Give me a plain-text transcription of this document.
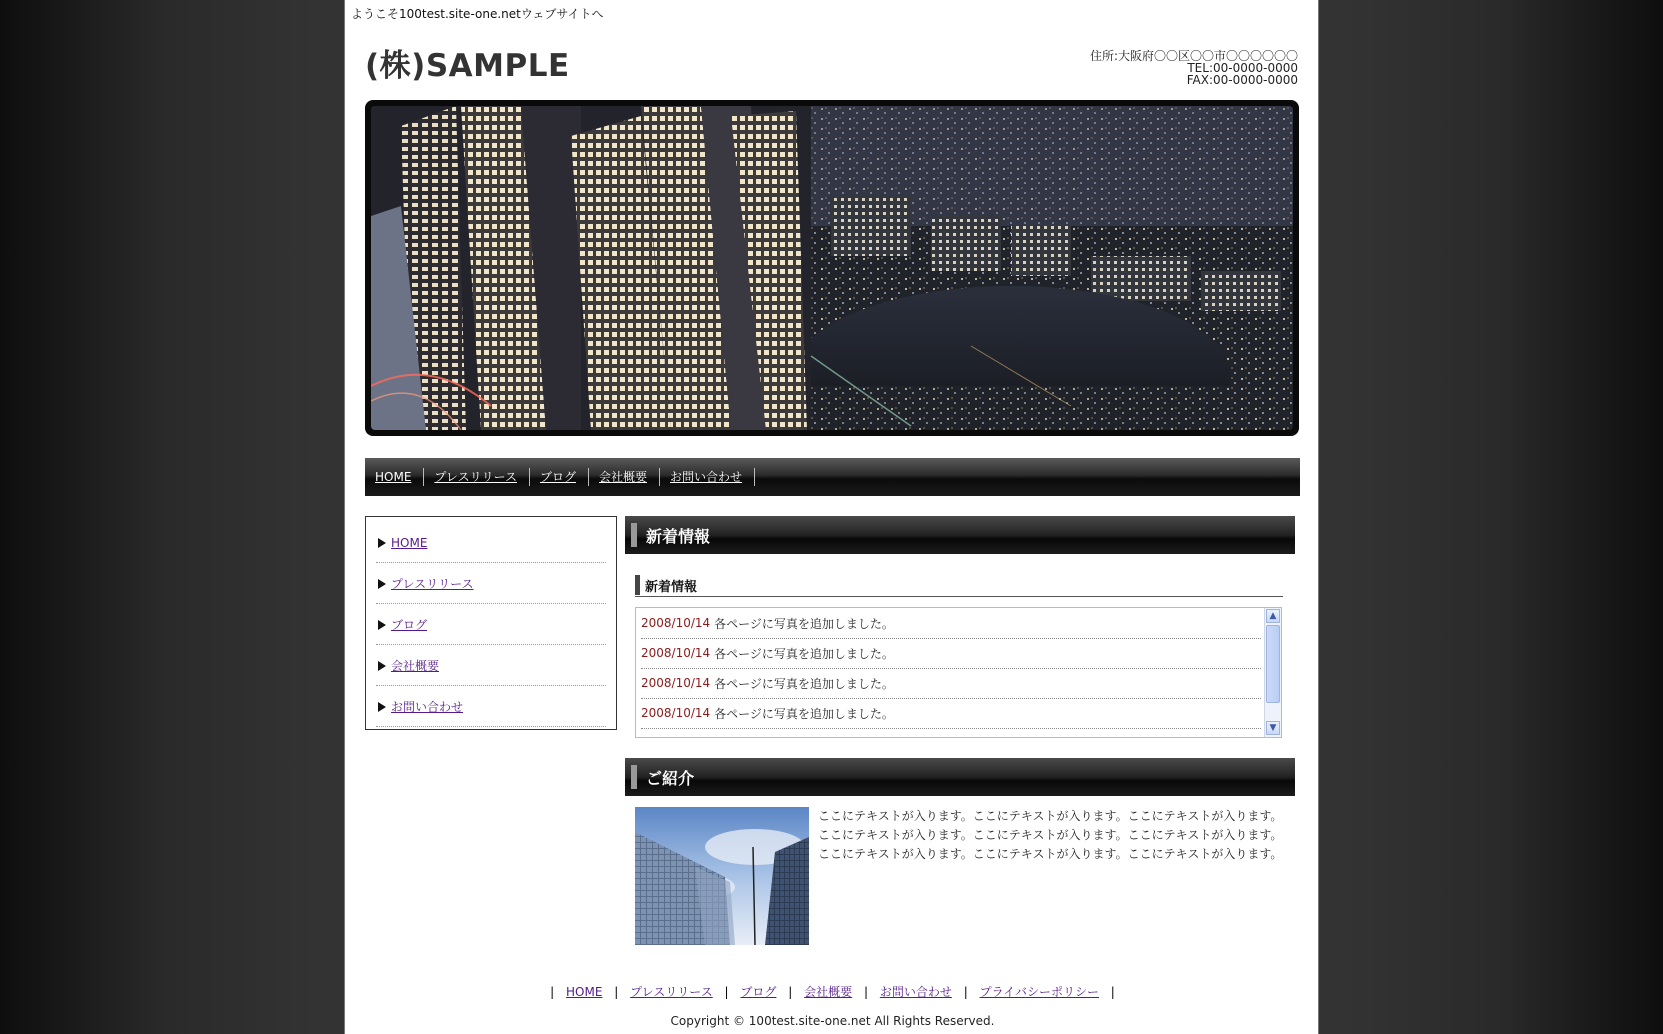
ようこそ100test.site-one.netウェブサイトへ
(株)SAMPLE	住所:大阪府〇〇区〇〇市〇〇〇〇〇〇
TEL:00-0000-0000
FAX:00-0000-0000
HOME	プレスリリース	ブログ	会社概要	お問い合わせ
HOME
プレスリリース
ブログ
会社概要
お問い合わせ
新着情報
新着情報
2008/10/14 各ページに写真を追加しました。
2008/10/14 各ページに写真を追加しました。
2008/10/14 各ページに写真を追加しました。
2008/10/14 各ページに写真を追加しました。
▲
▼
ご紹介
ここにテキストが入ります。ここにテキストが入ります。ここにテキストが入ります。
ここにテキストが入ります。ここにテキストが入ります。ここにテキストが入ります。
ここにテキストが入ります。ここにテキストが入ります。ここにテキストが入ります。
| HOME | プレスリリース | ブログ | 会社概要 | お問い合わせ | プライバシーポリシー |
Copyright © 100test.site-one.net All Rights Reserved.
